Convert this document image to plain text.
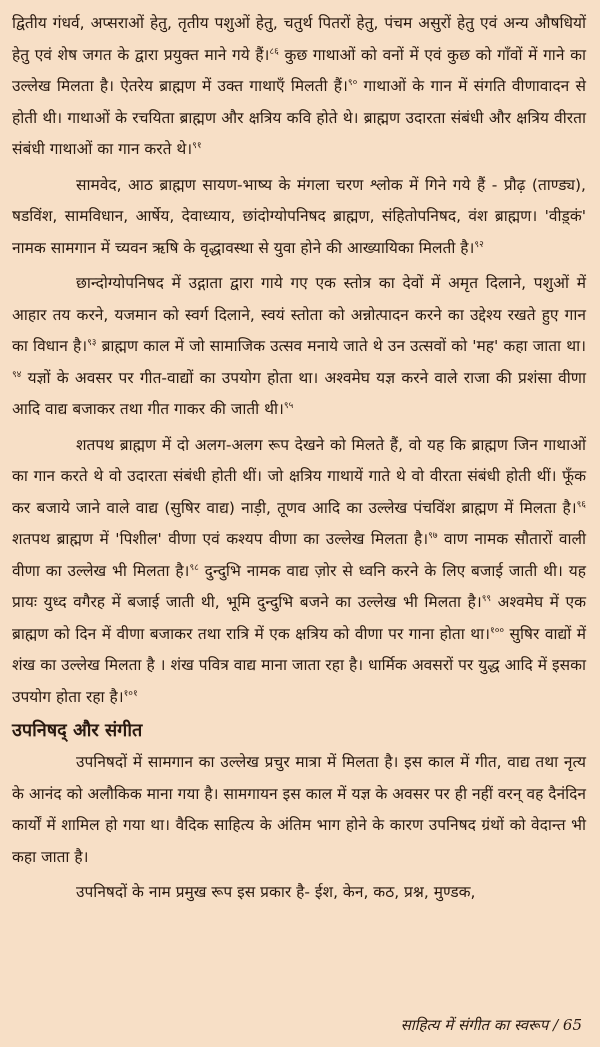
द्वितीय गंधर्व, अप्सराओं हेतु, तृतीय पशुओं हेतु, चतुर्थ पितरों हेतु, पंचम असुरों हेतु एवं अन्य औषधियों हेतु एवं शेष जगत के द्वारा प्रयुक्त माने गये हैं।$^{८६}$ कुछ गाथाओं को वनों में एवं कुछ को गाँवों में गाने का उल्लेख मिलता है। ऐतरेय ब्राह्मण में उक्त गाथाएँ मिलती हैं।$^{९०}$ गाथाओं के गान में संगति वीणावादन से होती थी। गाथाओं के रचयिता ब्राह्मण और क्षत्रिय कवि होते थे। ब्राह्मण उदारता संबंधी और क्षत्रिय वीरता संबंधी गाथाओं का गान करते थे।$^{९१}$

सामवेद, आठ ब्राह्मण सायण-भाष्य के मंगला चरण श्लोक में गिने गये हैं - प्रौढ़ (ताण्ड्य), षडविंश, सामविधान, आर्षेय, देवाध्याय, छांदोग्योपनिषद ब्राह्मण, संहितोपनिषद, वंश ब्राह्मण। 'वीड़्कं' नामक सामगान में च्यवन ऋषि के वृद्धावस्था से युवा होने की आख्यायिका मिलती है।$^{९२}$

छान्दोग्योपनिषद में उद्गाता द्वारा गाये गए एक स्तोत्र का देवों में अमृत दिलाने, पशुओं में आहार तय करने, यजमान को स्वर्ग दिलाने, स्वयं स्तोता को अन्नोत्पादन करने का उद्देश्य रखते हुए गान का विधान है।$^{९३}$ ब्राह्मण काल में जो सामाजिक उत्सव मनाये जाते थे उन उत्सवों को 'मह' कहा जाता था।$^{९४}$ यज्ञों के अवसर पर गीत-वाद्यों का उपयोग होता था। अश्वमेघ यज्ञ करने वाले राजा की प्रशंसा वीणा आदि वाद्य बजाकर तथा गीत गाकर की जाती थी।$^{९५}$

शतपथ ब्राह्मण में दो अलग-अलग रूप देखने को मिलते हैं, वो यह कि ब्राह्मण जिन गाथाओं का गान करते थे वो उदारता संबंधी होती थीं। जो क्षत्रिय गाथायें गाते थे वो वीरता संबंधी होती थीं। फूँक कर बजाये जाने वाले वाद्य (सुषिर वाद्य) नाड़ी, तूणव आदि का उल्लेख पंचविंश ब्राह्मण में मिलता है।$^{९६}$ शतपथ ब्राह्मण में 'पिशील' वीणा एवं कश्यप वीणा का उल्लेख मिलता है।$^{९७}$ वाण नामक सौतारों वाली वीणा का उल्लेख भी मिलता है।$^{९८}$ दुन्दुभि नामक वाद्य ज़ोर से ध्वनि करने के लिए बजाई जाती थी। यह प्रायः युध्द वगैरह में बजाई जाती थी, भूमि दुन्दुभि बजने का उल्लेख भी मिलता है।$^{९९}$ अश्वमेघ में एक ब्राह्मण को दिन में वीणा बजाकर तथा रात्रि में एक क्षत्रिय को वीणा पर गाना होता था।$^{१००}$ सुषिर वाद्यों में शंख का उल्लेख मिलता है । शंख पवित्र वाद्य माना जाता रहा है। धार्मिक अवसरों पर युद्ध आदि में इसका उपयोग होता रहा है।$^{१०१}$

उपनिषद् और संगीत

उपनिषदों में सामगान का उल्लेख प्रचुर मात्रा में मिलता है। इस काल में गीत, वाद्य तथा नृत्य के आनंद को अलौकिक माना गया है। सामगायन इस काल में यज्ञ के अवसर पर ही नहीं वरन् वह दैनंदिन कार्यों में शामिल हो गया था। वैदिक साहित्य के अंतिम भाग होने के कारण उपनिषद ग्रंथों को वेदान्त भी कहा जाता है।

उपनिषदों के नाम प्रमुख रूप इस प्रकार है- ईश, केन, कठ, प्रश्न, मुण्डक,

साहित्य में संगीत का स्वरूप / 65
